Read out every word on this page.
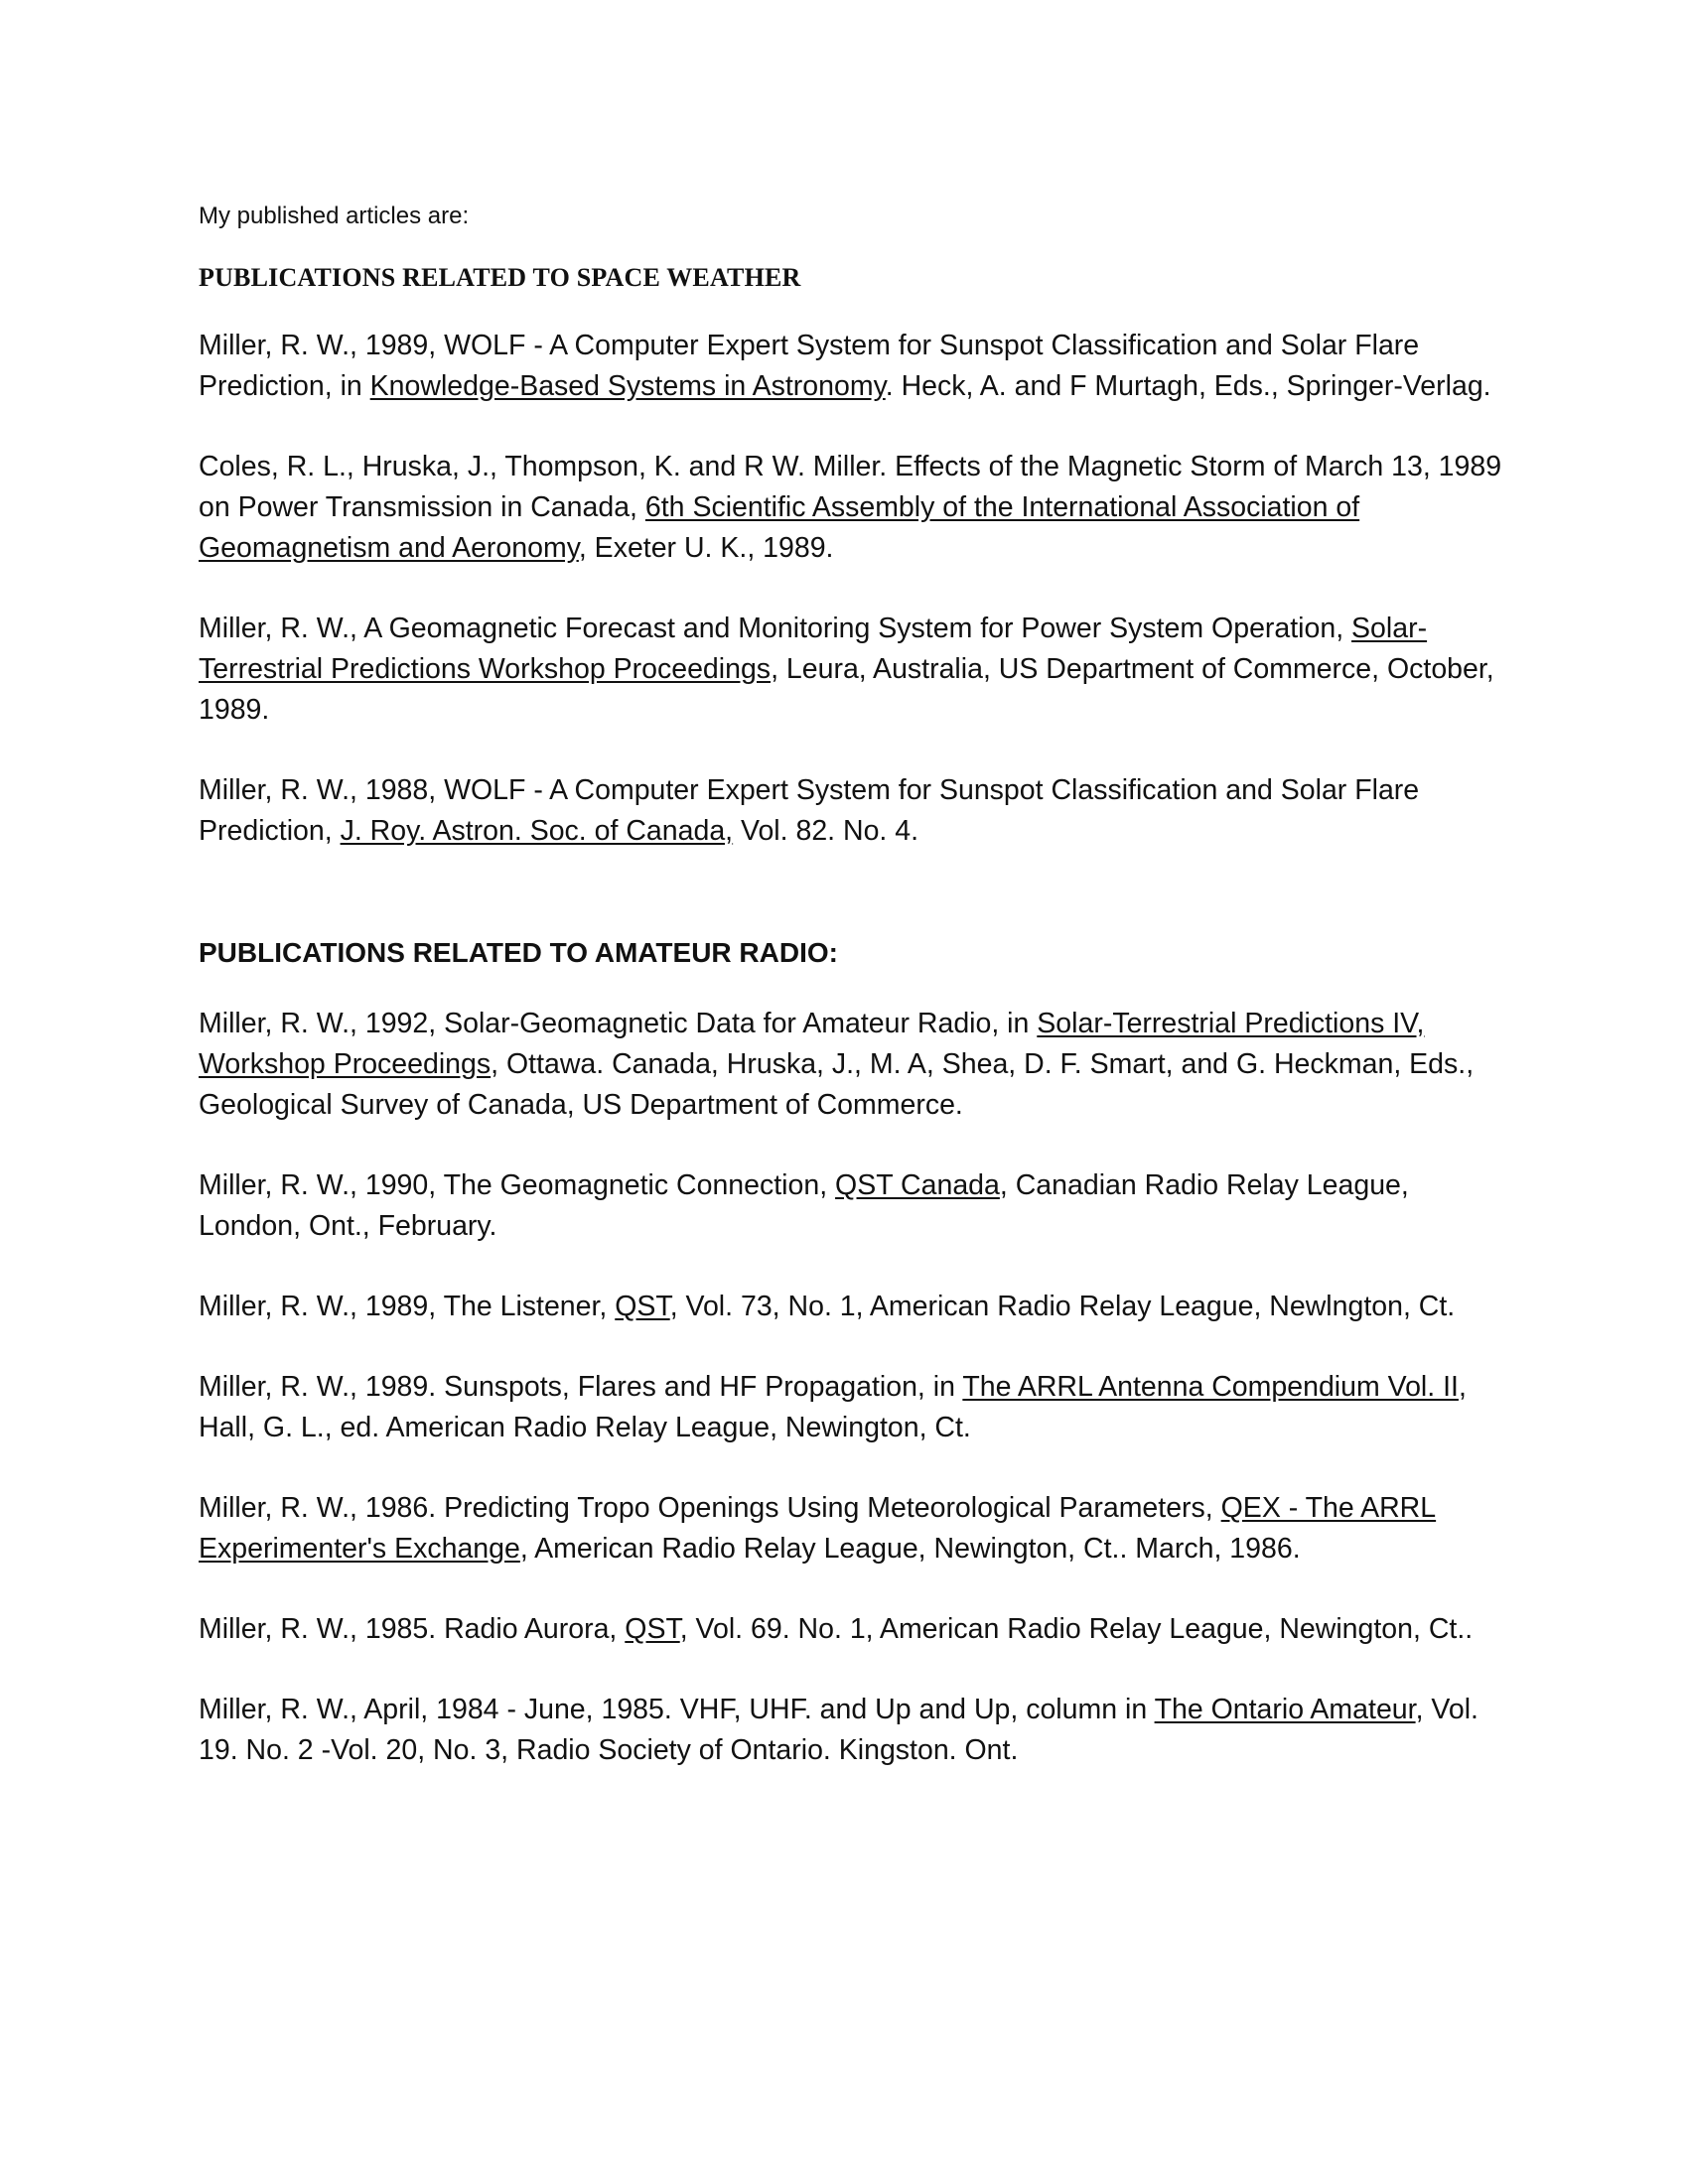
My published articles are:

PUBLICATIONS RELATED TO SPACE WEATHER

Miller, R. W., 1989, WOLF - A Computer Expert System for Sunspot Classification and Solar Flare Prediction, in Knowledge-Based Systems in Astronomy. Heck, A. and F Murtagh, Eds., Springer-Verlag.

Coles, R. L., Hruska, J., Thompson, K. and R W. Miller. Effects of the Magnetic Storm of March 13, 1989 on Power Transmission in Canada, 6th Scientific Assembly of the International Association of Geomagnetism and Aeronomy, Exeter U. K., 1989.

Miller, R. W., A Geomagnetic Forecast and Monitoring System for Power System Operation, Solar-Terrestrial Predictions Workshop Proceedings, Leura, Australia, US Department of Commerce, October, 1989.

Miller, R. W., 1988, WOLF - A Computer Expert System for Sunspot Classification and Solar Flare Prediction, J. Roy. Astron. Soc. of Canada, Vol. 82. No. 4.

PUBLICATIONS RELATED TO AMATEUR RADIO:

Miller, R. W., 1992, Solar-Geomagnetic Data for Amateur Radio, in Solar-Terrestrial Predictions IV, Workshop Proceedings, Ottawa. Canada, Hruska, J., M. A, Shea, D. F. Smart, and G. Heckman, Eds., Geological Survey of Canada, US Department of Commerce.

Miller, R. W., 1990, The Geomagnetic Connection, QST Canada, Canadian Radio Relay League, London, Ont., February.

Miller, R. W., 1989, The Listener, QST, Vol. 73, No. 1, American Radio Relay League, Newlngton, Ct.

Miller, R. W., 1989. Sunspots, Flares and HF Propagation, in The ARRL Antenna Compendium Vol. II, Hall, G. L., ed. American Radio Relay League, Newington, Ct.

Miller, R. W., 1986. Predicting Tropo Openings Using Meteorological Parameters, QEX - The ARRL Experimenter's Exchange, American Radio Relay League, Newington, Ct.. March, 1986.

Miller, R. W., 1985. Radio Aurora, QST, Vol. 69. No. 1, American Radio Relay League, Newington, Ct..

Miller, R. W., April, 1984 - June, 1985. VHF, UHF. and Up and Up, column in The Ontario Amateur, Vol. 19. No. 2 -Vol. 20, No. 3, Radio Society of Ontario. Kingston. Ont.
